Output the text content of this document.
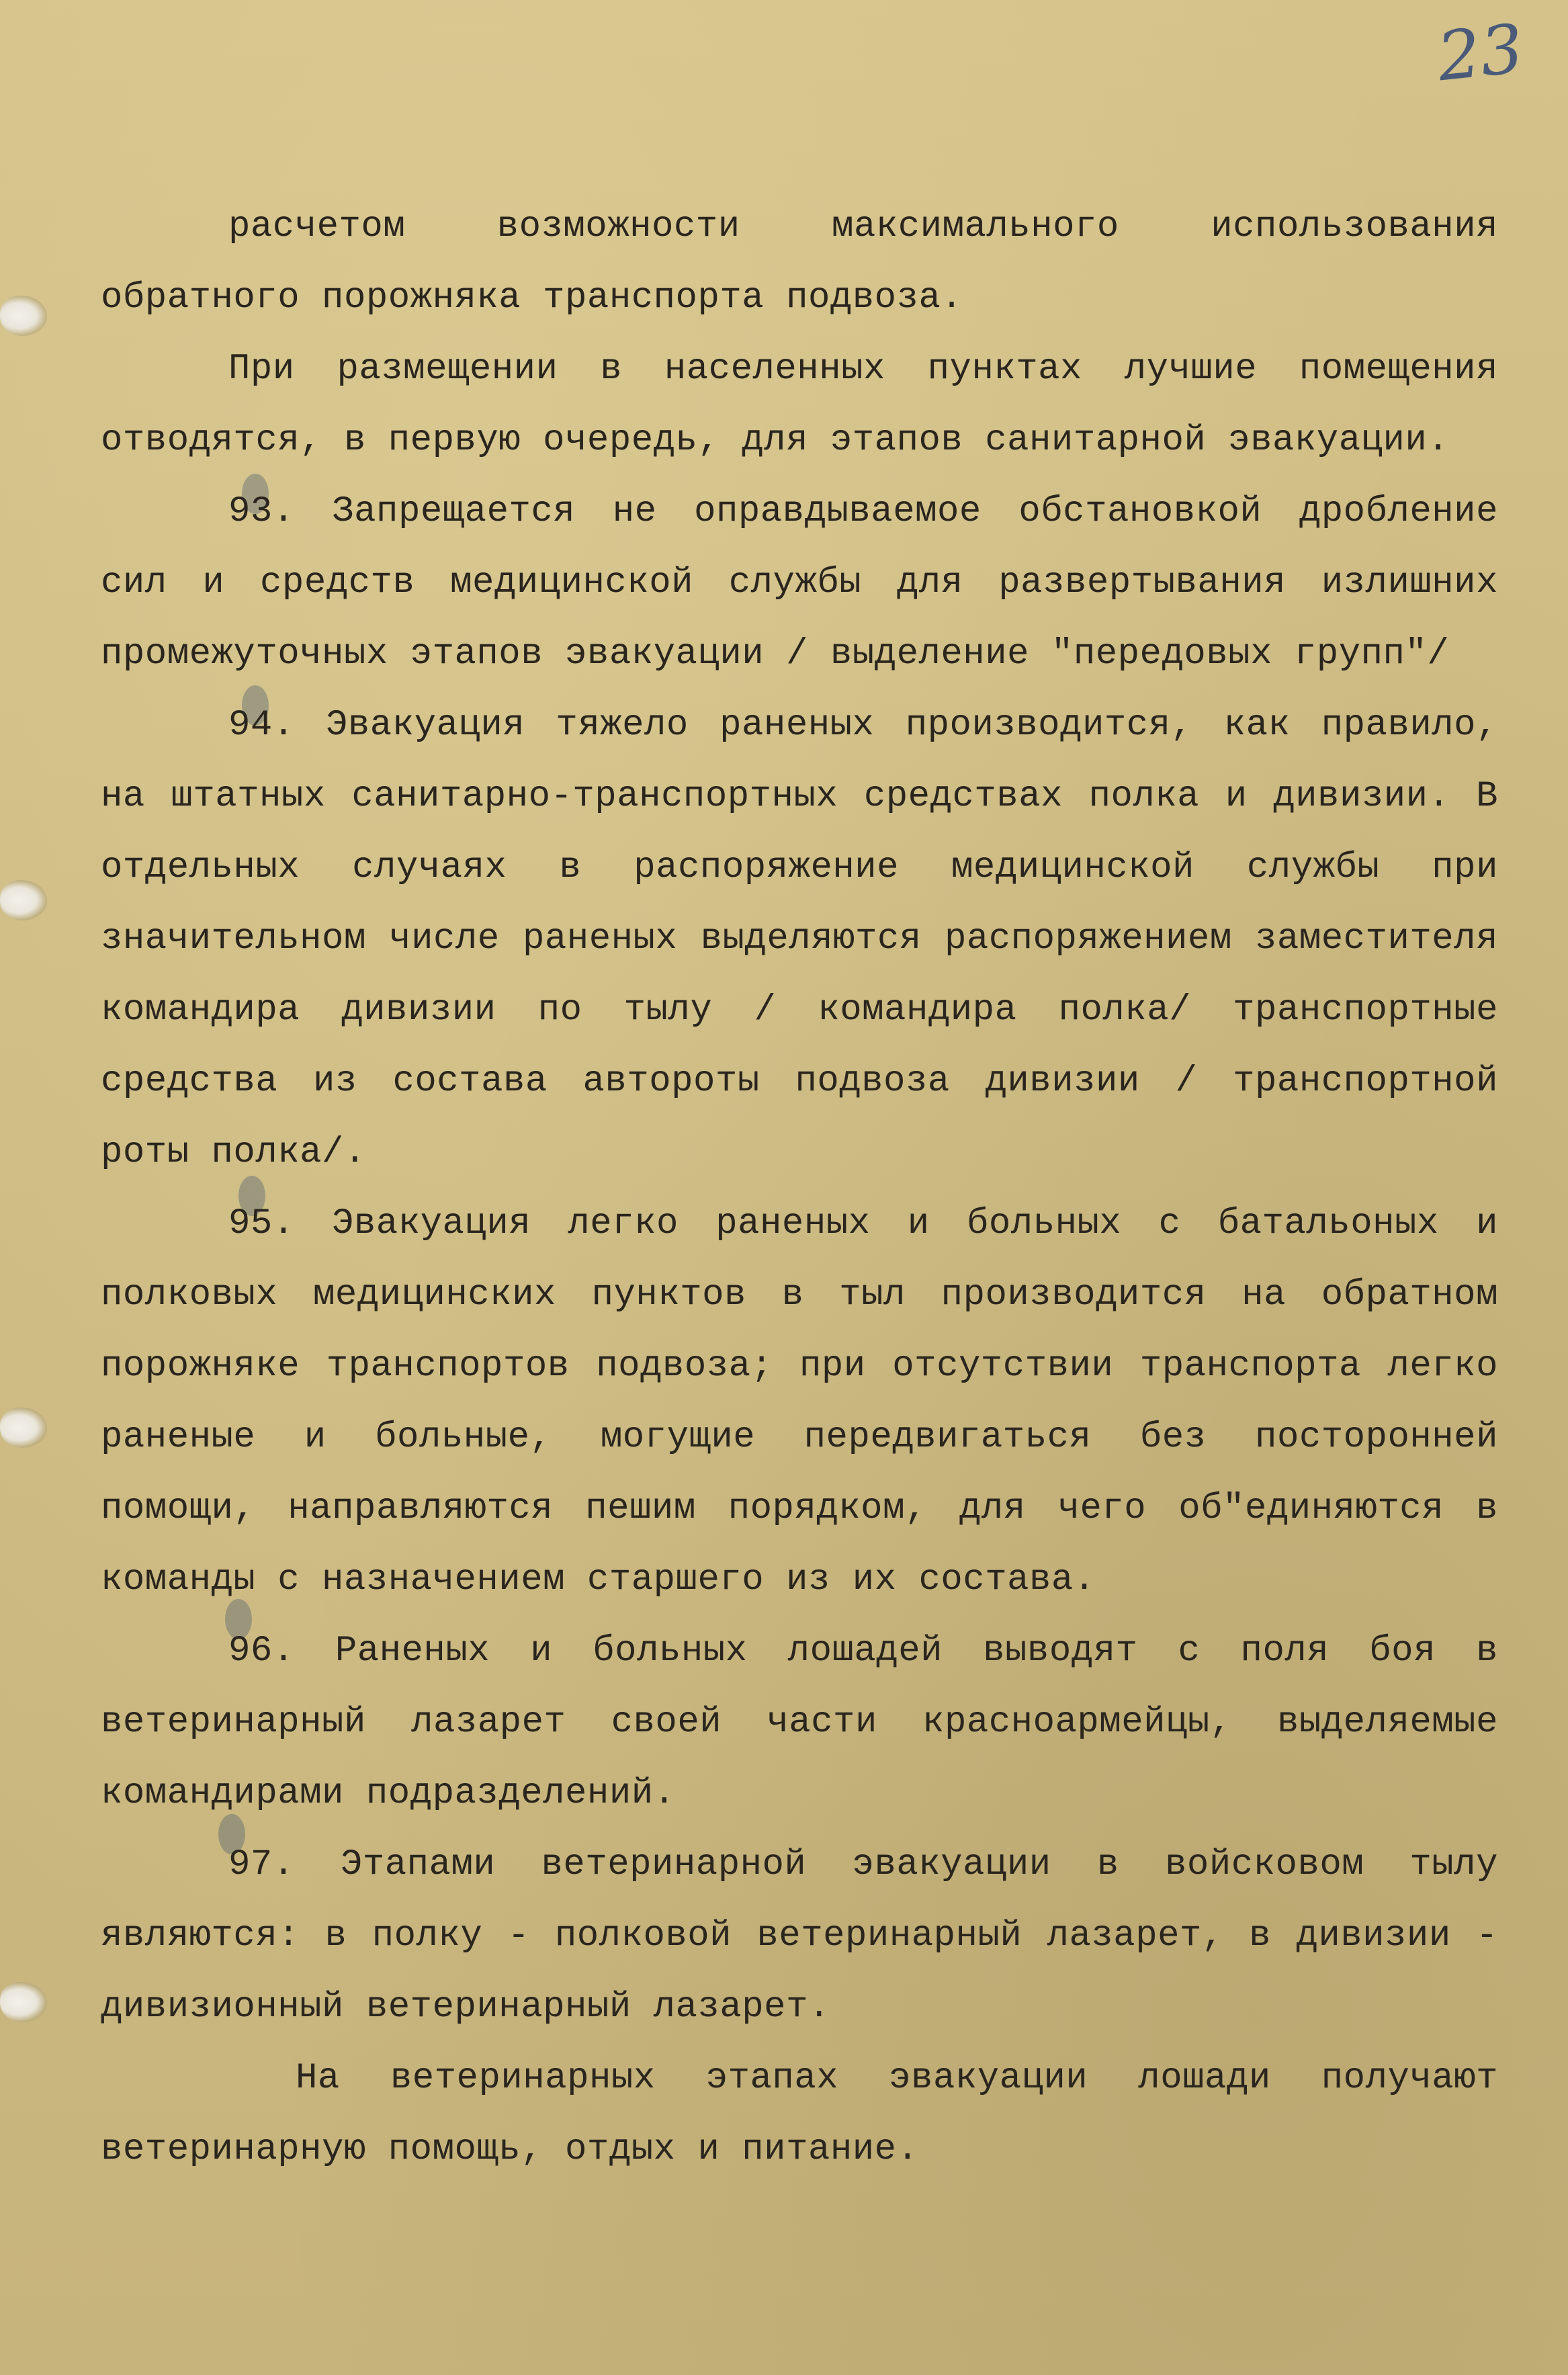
23

расчетом возможности максимального использования обратного порожняка транспорта подвоза.

При размещении в населенных пунктах лучшие помещения отводятся, в первую очередь, для этапов санитарной эвакуации.

93. Запрещается не оправдываемое обстановкой дробление сил и средств медицинской службы для развертывания излишних промежуточных этапов эвакуации / выделение "передовых групп"/

94. Эвакуация тяжело раненых производится, как правило, на штатных санитарно-транспортных средствах полка и дивизии. В отдельных случаях в распоряжение медицинской службы при значительном числе раненых выделяются распоряжением заместителя командира дивизии по тылу / командира полка/ транспортные средства из состава автороты подвоза дивизии / транспортной роты полка/.

95. Эвакуация легко раненых и больных с батальоных и полковых медицинских пунктов в тыл производится на обратном порожняке транспортов подвоза; при отсутствии транспорта легко раненые и больные, могущие передвигаться без посторонней помощи, направляются пешим порядком, для чего об"единяются в команды с назначением старшего из их состава.

96. Раненых и больных лошадей выводят с поля боя в ветеринарный лазарет своей части красноармейцы, выделяемые командирами подразделений.

97. Этапами ветеринарной эвакуации в войсковом тылу являются: в полку - полковой ветеринарный лазарет, в дивизии - дивизионный ветеринарный лазарет.

На ветеринарных этапах эвакуации лошади получают ветеринарную помощь, отдых и питание.
